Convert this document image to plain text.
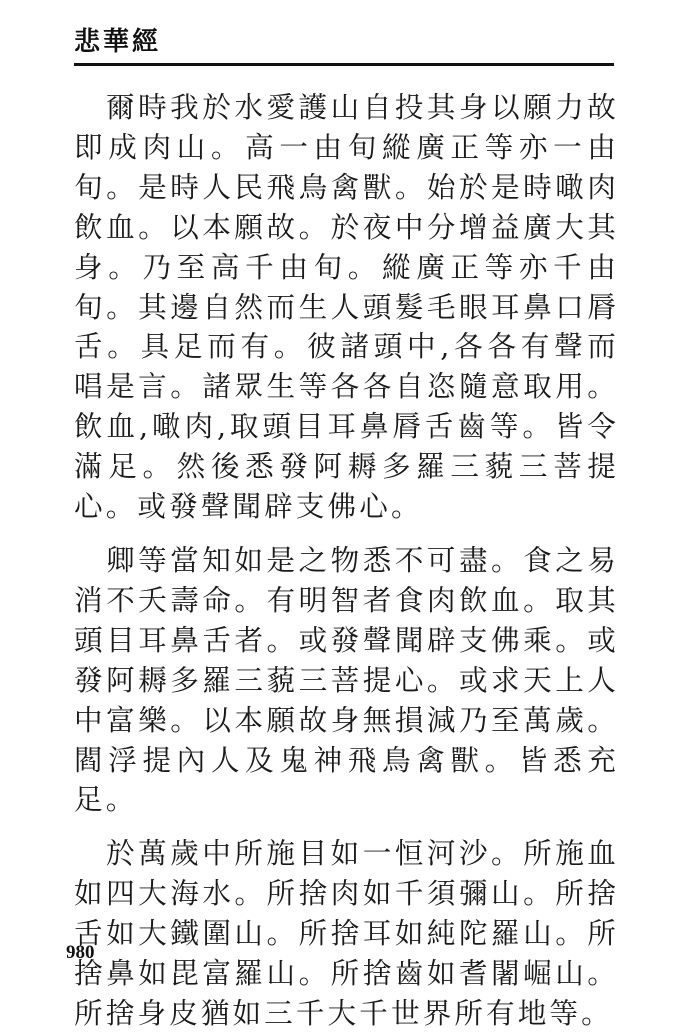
悲華經

爾時我於水愛護山自投其身以願力故即成肉山。高一由旬縱廣正等亦一由旬。是時人民飛鳥禽獸。始於是時噉肉飲血。以本願故。於夜中分增益廣大其身。乃至高千由旬。縱廣正等亦千由旬。其邊自然而生人頭髮毛眼耳鼻口脣舌。具足而有。彼諸頭中,各各有聲而唱是言。諸眾生等各各自恣隨意取用。飲血,噉肉,取頭目耳鼻脣舌齒等。皆令滿足。然後悉發阿耨多羅三藐三菩提心。或發聲聞辟支佛心。

卿等當知如是之物悉不可盡。食之易消不夭壽命。有明智者食肉飲血。取其頭目耳鼻舌者。或發聲聞辟支佛乘。或發阿耨多羅三藐三菩提心。或求天上人中富樂。以本願故身無損減乃至萬歲。閻浮提內人及鬼神飛鳥禽獸。皆悉充足。

於萬歲中所施目如一恒河沙。所施血如四大海水。所捨肉如千須彌山。所捨舌如大鐵圍山。所捨耳如純陀羅山。所捨鼻如毘富羅山。所捨齒如耆闍崛山。所捨身皮猶如三千大千世界所有地等。

980
